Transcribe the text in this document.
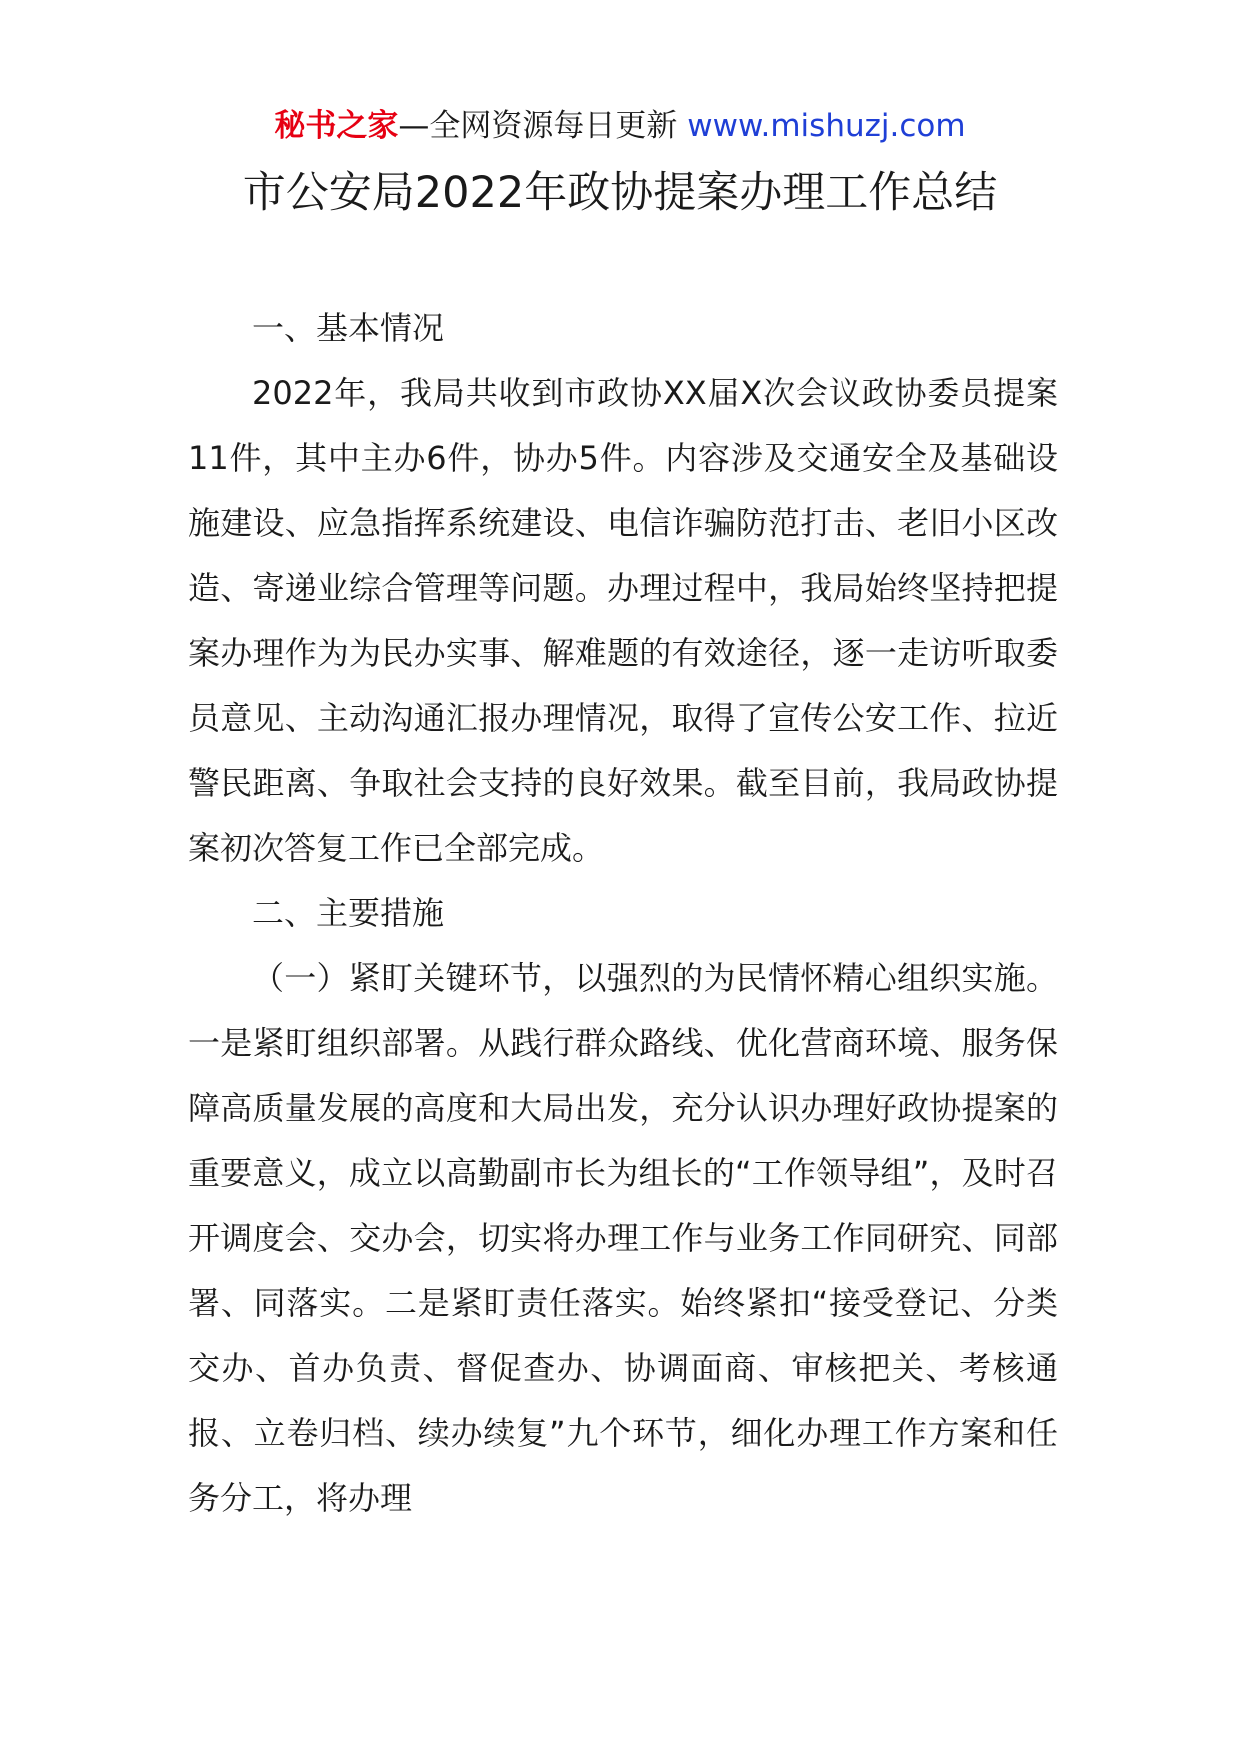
秘书之家—全网资源每日更新 www.mishuzj.com
市公安局2022年政协提案办理工作总结

一、基本情况

2022年，我局共收到市政协XX届X次会议政协委员提案11件，其中主办6件，协办5件。内容涉及交通安全及基础设施建设、应急指挥系统建设、电信诈骗防范打击、老旧小区改造、寄递业综合管理等问题。办理过程中，我局始终坚持把提案办理作为为民办实事、解难题的有效途径，逐一走访听取委员意见、主动沟通汇报办理情况，取得了宣传公安工作、拉近警民距离、争取社会支持的良好效果。截至目前，我局政协提案初次答复工作已全部完成。

二、主要措施

（一）紧盯关键环节，以强烈的为民情怀精心组织实施。一是紧盯组织部署。从践行群众路线、优化营商环境、服务保障高质量发展的高度和大局出发，充分认识办理好政协提案的重要意义，成立以高勤副市长为组长的“工作领导组”，及时召开调度会、交办会，切实将办理工作与业务工作同研究、同部署、同落实。二是紧盯责任落实。始终紧扣“接受登记、分类交办、首办负责、督促查办、协调面商、审核把关、考核通报、立卷归档、续办续复”九个环节，细化办理工作方案和任务分工，将办理
